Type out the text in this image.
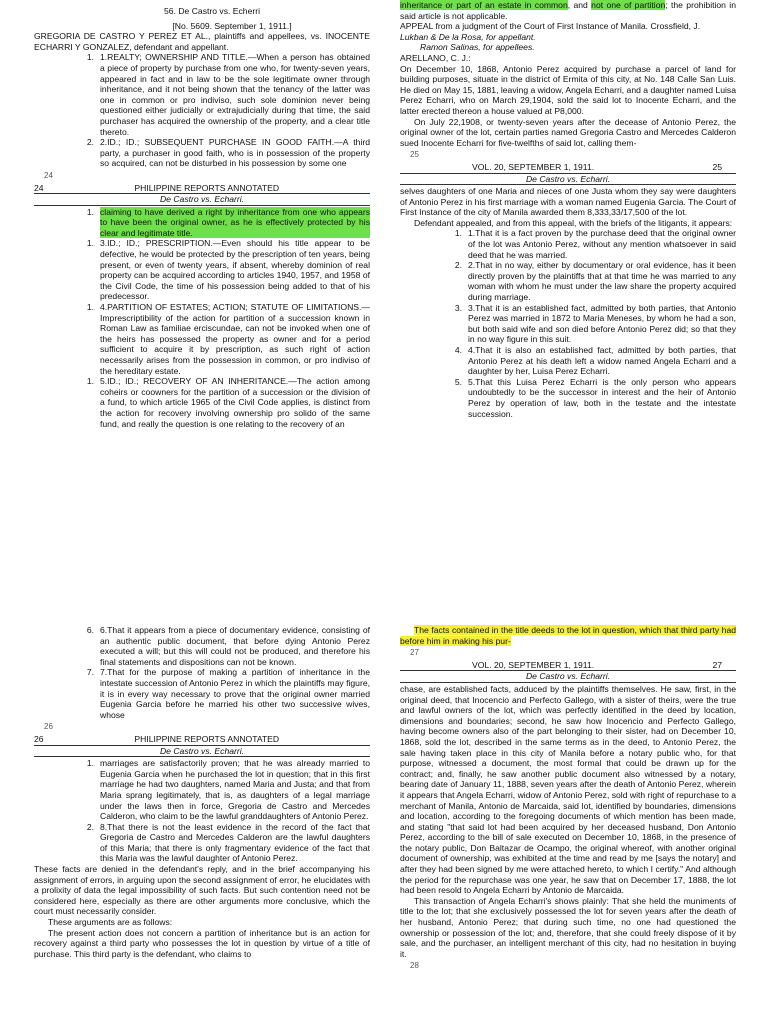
56. De Castro vs. Echerri

[No. 5609. September 1, 1911.]

GREGORIA DE CASTRO Y PEREZ ET AL., plaintiffs and appellees, vs. INOCENTE ECHARRI Y GONZALEZ, defendant and appellant.

1. 1.REALTY; OWNERSHIP AND TITLE.—When a person has obtained a piece of property by purchase from one who, for twenty-seven years, appeared in fact and in law to be the sole legitimate owner through inheritance, and it not being shown that the tenancy of the latter was one in common or pro indiviso, such sole dominion never being questioned either judicially or extrajudicially during that time, the said purchaser has acquired the ownership of the property, and a clear title thereto.
2. 2.ID.; ID.; SUBSEQUENT PURCHASE IN GOOD FAITH.—A third party, a purchaser in good faith, who is in possession of the property so acquired, can not be disturbed in his possession by some one

24

24	PHILIPPINE REPORTS ANNOTATED

De Castro vs. Echarri.

1. claiming to have derived a right by inheritance from one who appears to have been the original owner, as he is effectively protected by his clear and legitimate title.
1. 3.ID.; ID.; PRESCRIPTION.—Even should his title appear to be defective, he would be protected by the prescription of ten years, being present, or even of twenty years, if absent, whereby dominion of real property can be acquired according to articles 1940, 1957, and 1958 of the Civil Code, the time of his possession being added to that of his predecessor.
1. 4.PARTITION OF ESTATES; ACTION; STATUTE OF LIMITATIONS.—Imprescriptibility of the action for partition of a succession known in Roman Law as familiae erciscundae, can not be invoked when one of the heirs has possessed the property as owner and for a period sufficient to acquire it by prescription, as such right of action necessarily arises from the possession in common, or pro indiviso of the hereditary estate.
1. 5.ID.; ID.; RECOVERY OF AN INHERITANCE.—The action among coheirs or coowners for the partition of a succession or the division of a fund, to which article 1965 of the Civil Code applies, is distinct from the action for recovery involving ownership pro solido of the same fund, and really the question is one relating to the recovery of an

inheritance or part of an estate in common, and not one of partition; the prohibition in said article is not applicable.

APPEAL from a judgment of the Court of First Instance of Manila. Crossfield, J.

Lukban & De la Rosa, for appellant.

Ramon Salinas, for appellees.

ARELLANO, C. J.:

On December 10, 1868, Antonio Perez acquired by purchase a parcel of land for building purposes, situate in the district of Ermita of this city, at No. 148 Calle San Luis. He died on May 15, 1881, leaving a widow, Angela Echarri, and a daughter named Luisa Perez Echarri, who on March 29,1904, sold the said lot to Inocente Echarri, and the latter erected thereon a house valued at P8,000.

On July 22,1908, or twenty-seven years after the decease of Antonio Perez, the original owner of the lot, certain parties named Gregoria Castro and Mercedes Calderon sued Inocente Echarri for five-twelfths of said lot, calling them-

25

VOL. 20, SEPTEMBER 1, 1911.	25

De Castro vs. Echarri.

selves daughters of one Maria and nieces of one Justa whom they say were daughters of Antonio Perez in his first marriage with a woman named Eugenia Garcia. The Court of First Instance of the city of Manila awarded them 8,333,33/17,500 of the lot.

Defendant appealed, and from this appeal, with the briefs of the litigants, it appears:

1. 1.That it is a fact proven by the purchase deed that the original owner of the lot was Antonio Perez, without any mention whatsoever in said deed that he was married.
2. 2.That in no way, either by documentary or oral evidence, has it been directly proven by the plaintiffs that at that time he was married to any woman with whom he must under the law share the property acquired during marriage.
3. 3.That it is an established fact, admitted by both parties, that Antonio Perez was married in 1872 to Maria Meneses, by whom he had a son, but both said wife and son died before Antonio Perez did; so that they in no way figure in this suit.
4. 4.That it is also an established fact, admitted by both parties, that Antonio Perez at his death left a widow named Angela Echarri and a daughter by her, Luisa Perez Echarri.
5. 5.That this Luisa Perez Echarri is the only person who appears undoubtedly to be the successor in interest and the heir of Antonio Perez by operation of law, both in the testate and the intestate succession.
6. 6.That it appears from a piece of documentary evidence, consisting of an authentic public document, that before dying Antonio Perez executed a will; but this will could not be produced, and therefore his final statements and dispositions can not be known.
7. 7.That for the purpose of making a partition of inheritance in the intestate succession of Antonio Perez in which the plaintiffs may figure, it is in every way necessary to prove that the original owner married Eugenia Garcia before he married his other two successive wives, whose

26

26	PHILIPPINE REPORTS ANNOTATED

De Castro vs. Echarri.

1. marriages are satisfactorily proven; that he was already married to Eugenia Garcia when he purchased the lot in question; that in this first marriage he had two daughters, named Maria and Justa; and that from Maria sprang legitimately, that is, as daughters of a legal marriage under the laws then in force, Gregoria de Castro and Mercedes Calderon, who claim to be the lawful granddaughters of Antonio Perez.
2. 8.That there is not the least evidence in the record of the fact that Gregoria de Castro and Mercedes Calderon are the lawful daughters of this Maria; that there is only fragmentary evidence of the fact that this Maria was the lawful daughter of Antonio Perez.

These facts are denied in the defendant's reply, and in the brief accompanying his assignment of errors, in arguing upon the second assignment of error, he elucidates with a prolixity of data the legal impossibility of such facts. But such contention need not be considered here, especially as there are other arguments more conclusive, which the court must necessarily consider.

These arguments are as follows:

The present action does not concern a partition of inheritance but is an action for recovery against a third party who possesses the lot in question by virtue of a title of purchase. This third party is the defendant, who claims to

The facts contained in the title deeds to the lot in question, which that third party had before him in making his pur-

27

VOL. 20, SEPTEMBER 1, 1911.	27

De Castro vs. Echarri.

chase, are established facts, adduced by the plaintiffs themselves. He saw, first, in the original deed, that Inocencio and Perfecto Gallego, with a sister of theirs, were the true and lawful owners of the lot, which was perfectly identified in the deed by location, dimensions and boundaries; second, he saw how Inocencio and Perfecto Gallego, having become owners also of the part belonging to their sister, had on December 10, 1868, sold the lot, described in the same terms as in the deed, to Antonio Perez, the sale having taken place in this city of Manila before a notary public who, for that purpose, witnessed a document, the most formal that could be drawn up for the contract; and, finally, he saw another public document also witnessed by a notary, bearing date of January 11, 1888, seven years after the death of Antonio Perez, wherein it appears that Angela Echarri, widow of Antonio Perez, sold with right of repurchase to a merchant of Manila, Antonio de Marcaida, said lot, identified by boundaries, dimensions and location, according to the foregoing documents of which mention has been made, and stating "that said lot had been acquired by her deceased husband, Don Antonio Perez, according to the bill of sale executed on December 10, 1868, in the presence of the notary public, Don Baltazar de Ocampo, the original whereof, with another original document of ownership, was exhibited at the time and read by me [says the notary] and after they had been signed by me were attached hereto, to which I certify." And although the period for the repurchase was one year, he saw that on December 17, 1888, the lot had been resold to Angela Echarri by Antonio de Marcaida.

This transaction of Angela Echarri's shows plainly: That she held the muniments of title to the lot; that she exclusively possessed the lot for seven years after the death of her husband, Antonio Perez; that during such time, no one had questioned the ownership or possession of the lot; and, therefore, that she could freely dispose of it by sale, and the purchaser, an intelligent merchant of this city, had no hesitation in buying it.

28
